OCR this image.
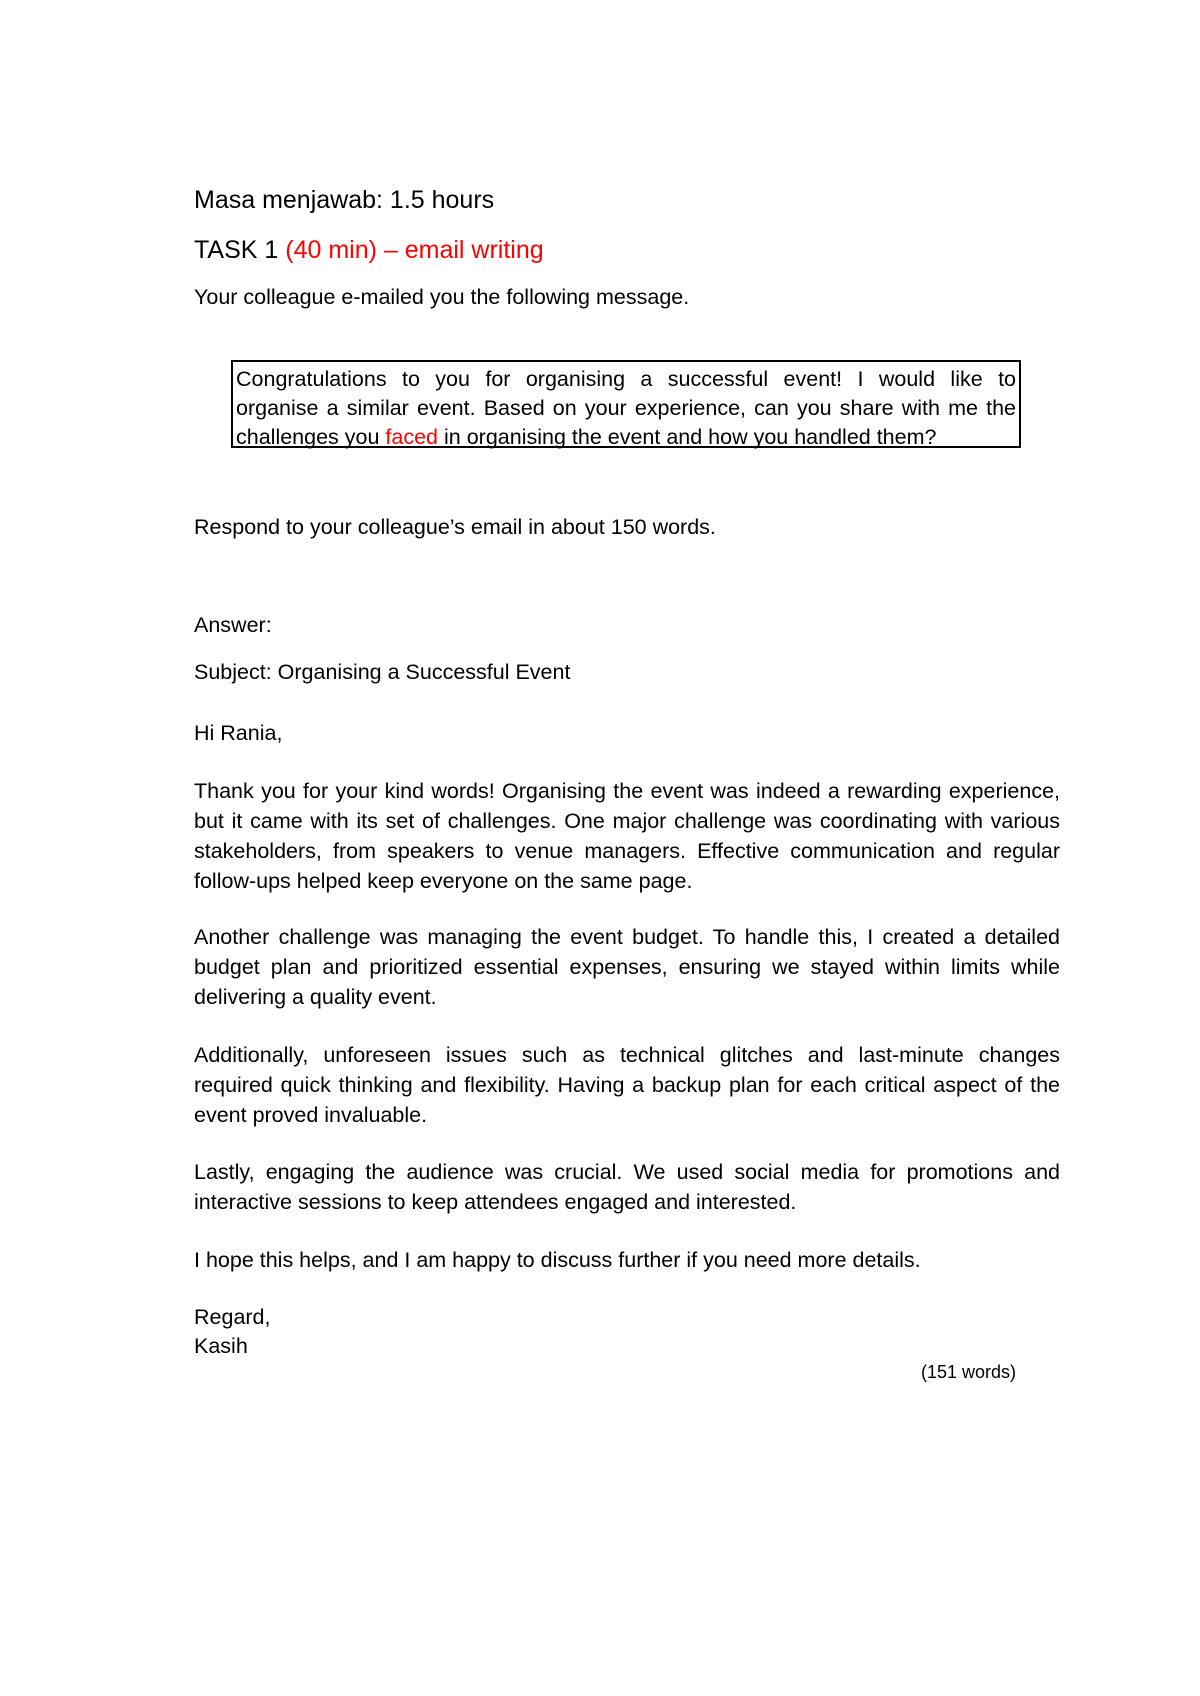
Masa menjawab: 1.5 hours
TASK 1 (40 min) – email writing
Your colleague e-mailed you the following message.
Congratulations to you for organising a successful event! I would like to
organise a similar event. Based on your experience, can you share with me the
challenges you faced in organising the event and how you handled them?
Respond to your colleague’s email in about 150 words.
Answer:
Subject: Organising a Successful Event
Hi Rania,
Thank you for your kind words! Organising the event was indeed a rewarding experience, but it came with its set of challenges. One major challenge was coordinating with various stakeholders, from speakers to venue managers. Effective communication and regular follow-ups helped keep everyone on the same page.
Another challenge was managing the event budget. To handle this, I created a detailed budget plan and prioritized essential expenses, ensuring we stayed within limits while delivering a quality event.
Additionally, unforeseen issues such as technical glitches and last-minute changes required quick thinking and flexibility. Having a backup plan for each critical aspect of the event proved invaluable.
Lastly, engaging the audience was crucial. We used social media for promotions and interactive sessions to keep attendees engaged and interested.
I hope this helps, and I am happy to discuss further if you need more details.
Regard,
Kasih
(151 words)
